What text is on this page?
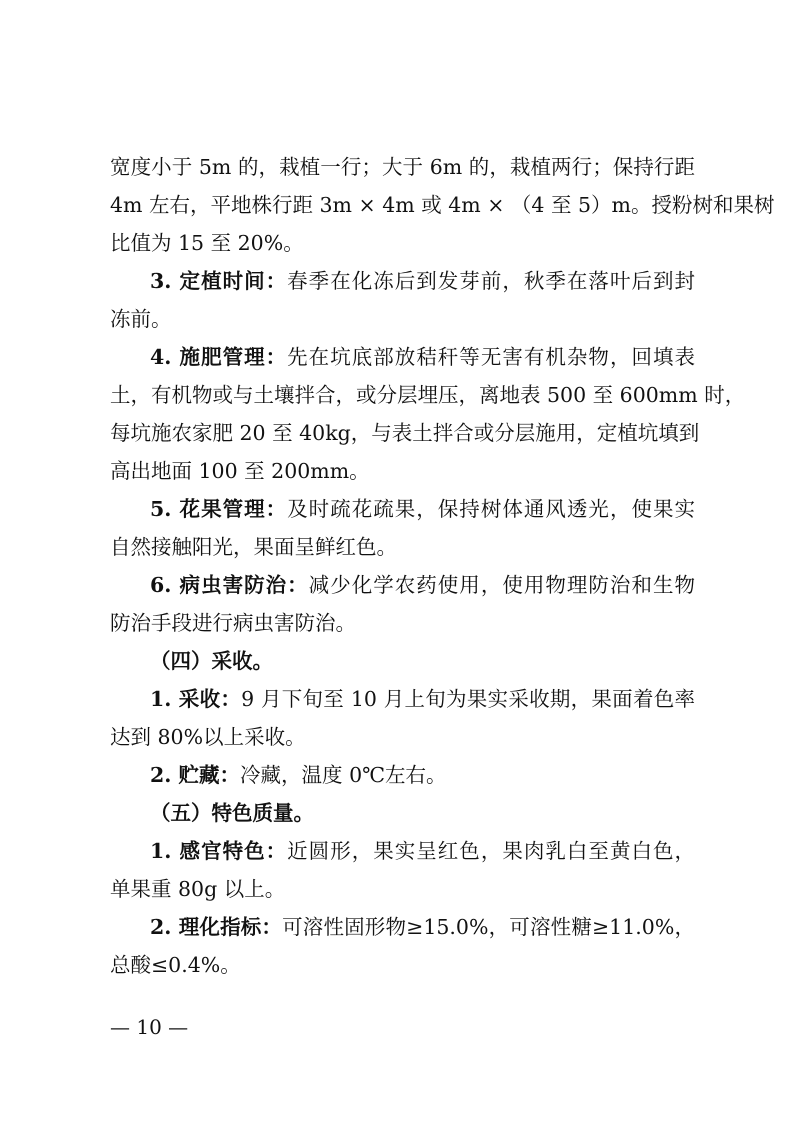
宽度小于 5m 的，栽植一行；大于 6m 的，栽植两行；保持行距
4m 左右，平地株行距 3m × 4m 或 4m × （4 至 5）m。授粉树和果树
比值为 15 至 20%。
3. 定植时间：春季在化冻后到发芽前，秋季在落叶后到封
冻前。
4. 施肥管理：先在坑底部放秸秆等无害有机杂物，回填表
土，有机物或与土壤拌合，或分层埋压，离地表 500 至 600mm 时，
每坑施农家肥 20 至 40kg，与表土拌合或分层施用，定植坑填到
高出地面 100 至 200mm。
5. 花果管理：及时疏花疏果，保持树体通风透光，使果实
自然接触阳光，果面呈鲜红色。
6. 病虫害防治：减少化学农药使用，使用物理防治和生物
防治手段进行病虫害防治。
（四）采收。
1. 采收：9 月下旬至 10 月上旬为果实采收期，果面着色率
达到 80%以上采收。
2. 贮藏：冷藏，温度 0℃左右。
（五）特色质量。
1. 感官特色：近圆形，果实呈红色，果肉乳白至黄白色，
单果重 80g 以上。
2. 理化指标：可溶性固形物≥15.0%，可溶性糖≥11.0%，
总酸≤0.4%。
— 10 —
